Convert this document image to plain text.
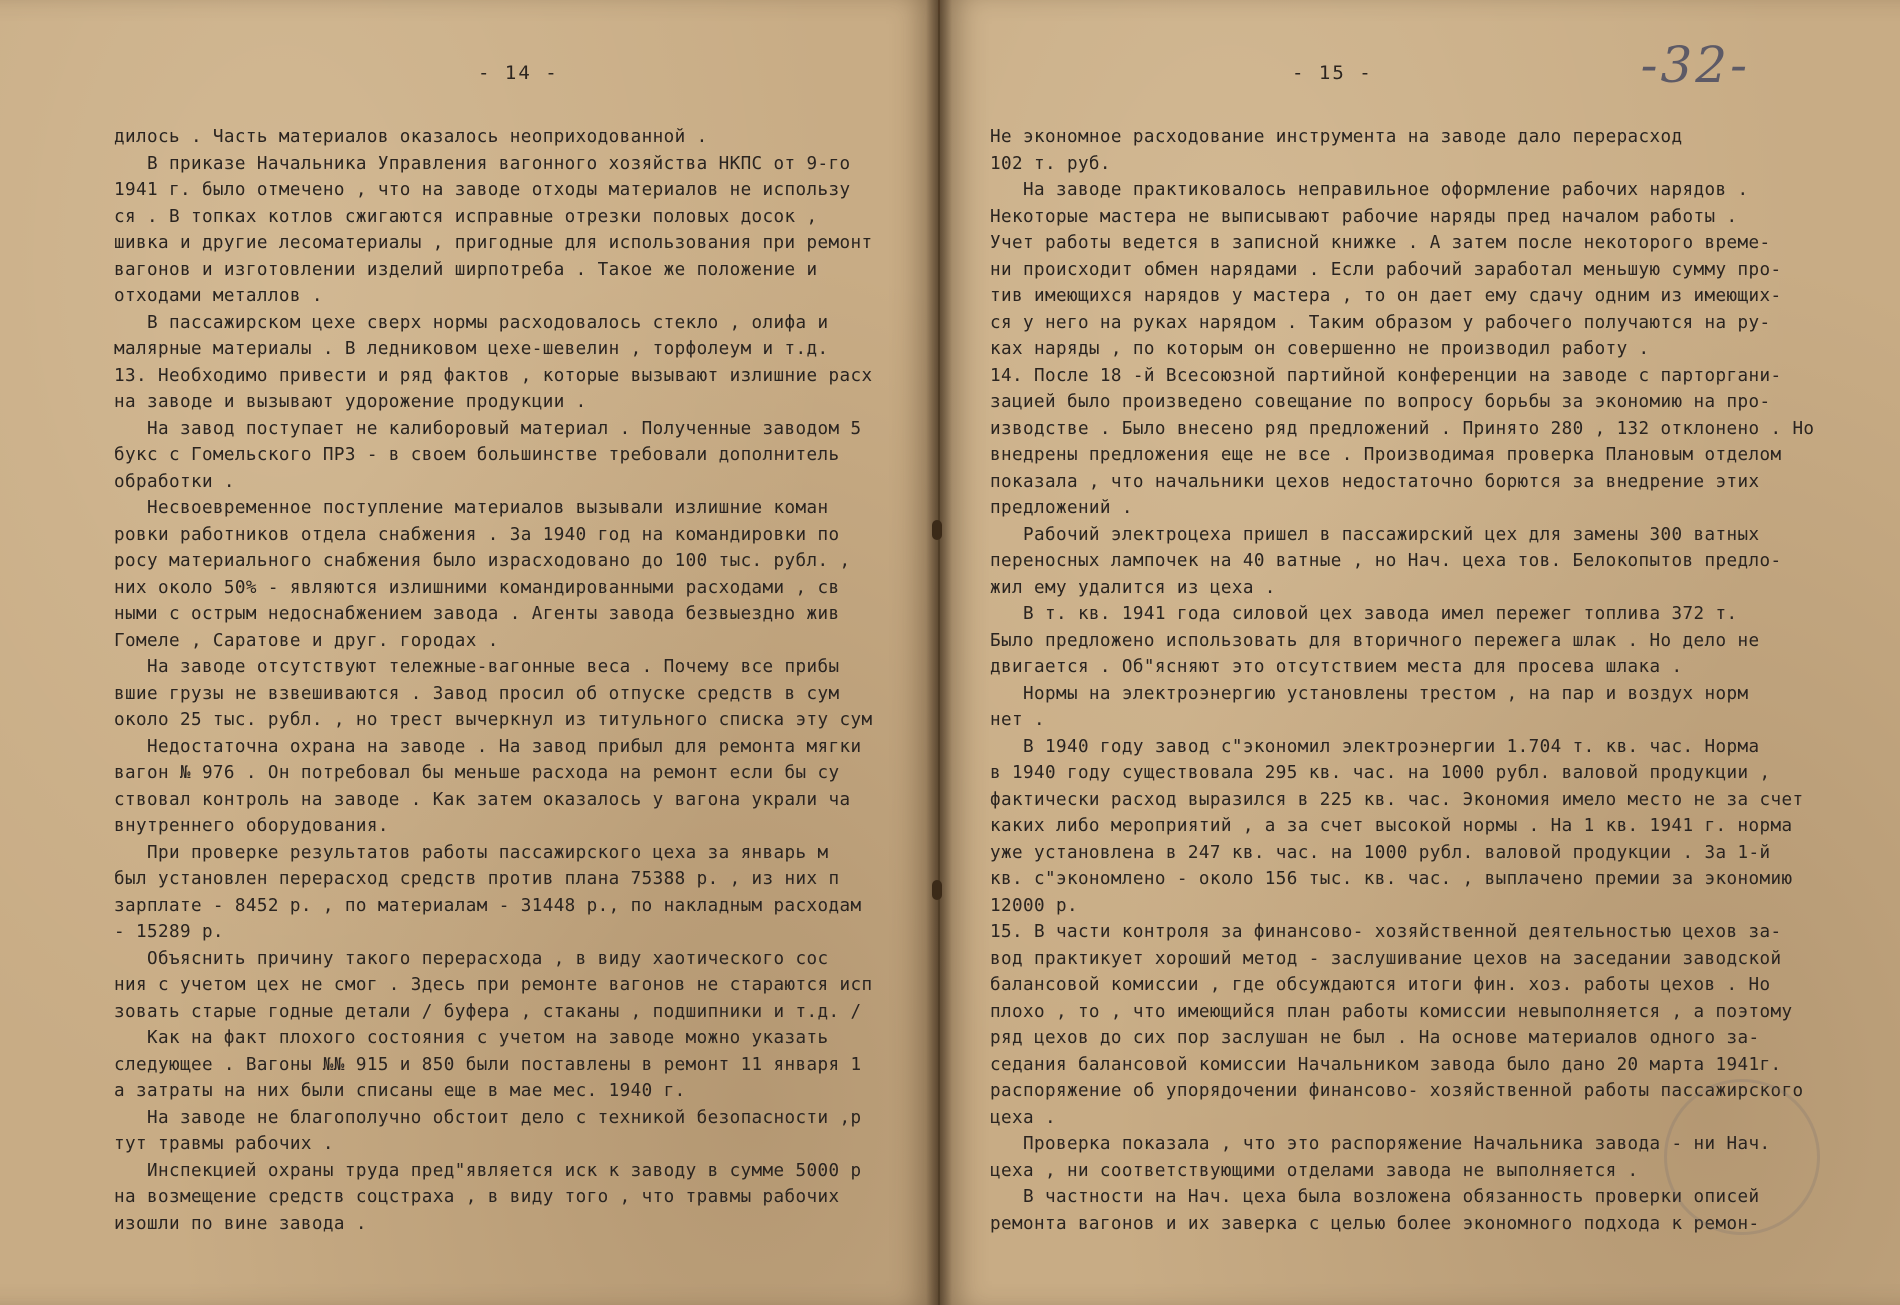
- 14 -
дилось . Часть материалов оказалось неоприходованной .
В приказе Начальника Управления вагонного хозяйства НКПС от 9-го
1941 г. было отмечено , что на заводе отходы материалов не использу
ся . В топках котлов сжигаются исправные отрезки половых досок ,
шивка и другие лесоматериалы , пригодные для использования при ремонт
вагонов и изготовлении изделий ширпотреба . Такое же положение и
отходами металлов .
В пассажирском цехе сверх нормы расходовалось стекло , олифа и
малярные материалы . В ледниковом цехе-шевелин , торфолеум и т.д.
13. Необходимо привести и ряд фактов , которые вызывают излишние расх
на заводе и вызывают удорожение продукции .
На завод поступает не калиборовый материал . Полученные заводом 5
букс с Гомельского ПРЗ - в своем большинстве требовали дополнитель
обработки .
Несвоевременное поступление материалов вызывали излишние коман
ровки работников отдела снабжения . За 1940 год на командировки по
росу материального снабжения было израсходовано до 100 тыс. рубл. ,
них около 50% - являются излишними командированными расходами , св
ными с острым недоснабжением завода . Агенты завода безвыездно жив
Гомеле , Саратове и друг. городах .
На заводе отсутствуют тележные-вагонные веса . Почему все прибы
вшие грузы не взвешиваются . Завод просил об отпуске средств в сум
около 25 тыс. рубл. , но трест вычеркнул из титульного списка эту сум
Недостаточна охрана на заводе . На завод прибыл для ремонта мягки
вагон № 976 . Он потребовал бы меньше расхода на ремонт если бы су
ствовал контроль на заводе . Как затем оказалось у вагона украли ча
внутреннего оборудования.
При проверке результатов работы пассажирского цеха за январь м
был установлен перерасход средств против плана 75388 р. , из них п
зарплате - 8452 р. , по материалам - 31448 р., по накладным расходам
- 15289 р.
Объяснить причину такого перерасхода , в виду хаотического сос
ния с учетом цех не смог . Здесь при ремонте вагонов не стараются исп
зовать старые годные детали / буфера , стаканы , подшипники и т.д. /
Как на факт плохого состояния с учетом на заводе можно указать
следующее . Вагоны №№ 915 и 850 были поставлены в ремонт 11 января 1
а затраты на них были списаны еще в мае мес. 1940 г.
На заводе не благополучно обстоит дело с техникой безопасности ,р
тут травмы рабочих .
Инспекцией охраны труда пред"является иск к заводу в сумме 5000 р
на возмещение средств соцстраха , в виду того , что травмы рабочих
изошли по вине завода .
- 15 -	-32-
Не экономное расходование инструмента на заводе дало перерасход
102 т. руб.
На заводе практиковалось неправильное оформление рабочих нарядов .
Некоторые мастера не выписывают рабочие наряды пред началом работы .
Учет работы ведется в записной книжке . А затем после некоторого време-
ни происходит обмен нарядами . Если рабочий заработал меньшую сумму про-
тив имеющихся нарядов у мастера , то он дает ему сдачу одним из имеющих-
ся у него на руках нарядом . Таким образом у рабочего получаются на ру-
ках наряды , по которым он совершенно не производил работу .
14. После 18 -й Всесоюзной партийной конференции на заводе с парторгани-
зацией было произведено совещание по вопросу борьбы за экономию на про-
изводстве . Было внесено ряд предложений . Принято 280 , 132 отклонено . Но
внедрены предложения еще не все . Производимая проверка Плановым отделом
показала , что начальники цехов недостаточно борются за внедрение этих
предложений .
Рабочий электроцеха пришел в пассажирский цех для замены 300 ватных
переносных лампочек на 40 ватные , но Нач. цеха тов. Белокопытов предло-
жил ему удалится из цеха .
В т. кв. 1941 года силовой цех завода имел пережег топлива 372 т.
Было предложено использовать для вторичного пережега шлак . Но дело не
двигается . Об"ясняют это отсутствием места для просева шлака .
Нормы на электроэнергию установлены трестом , на пар и воздух норм
нет .
В 1940 году завод с"экономил электроэнергии 1.704 т. кв. час. Норма
в 1940 году существовала 295 кв. час. на 1000 рубл. валовой продукции ,
фактически расход выразился в 225 кв. час. Экономия имело место не за счет
каких либо мероприятий , а за счет высокой нормы . На 1 кв. 1941 г. норма
уже установлена в 247 кв. час. на 1000 рубл. валовой продукции . За 1-й
кв. с"экономлено - около 156 тыс. кв. час. , выплачено премии за экономию
12000 р.
15. В части контроля за финансово- хозяйственной деятельностью цехов за-
вод практикует хороший метод - заслушивание цехов на заседании заводской
балансовой комиссии , где обсуждаются итоги фин. хоз. работы цехов . Но
плохо , то , что имеющийся план работы комиссии невыполняется , а поэтому
ряд цехов до сих пор заслушан не был . На основе материалов одного за-
седания балансовой комиссии Начальником завода было дано 20 марта 1941г.
распоряжение об упорядочении финансово- хозяйственной работы пассажирского
цеха .
Проверка показала , что это распоряжение Начальника завода - ни Нач.
цеха , ни соответствующими отделами завода не выполняется .
В частности на Нач. цеха была возложена обязанность проверки описей
ремонта вагонов и их заверка с целью более экономного подхода к ремон-
